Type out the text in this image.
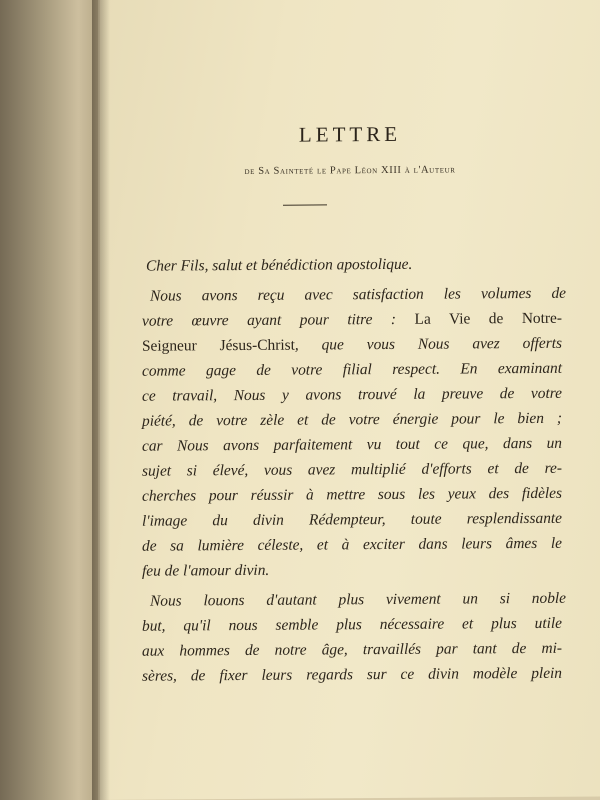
LETTRE
de Sa Sainteté le Pape Léon XIII à l'Auteur
Cher Fils, salut et bénédiction apostolique.
Nous avons reçu avec satisfaction les volumes de
votre œuvre ayant pour titre : La Vie de Notre-
Seigneur Jésus-Christ, que vous Nous avez offerts
comme gage de votre filial respect. En examinant
ce travail, Nous y avons trouvé la preuve de votre
piété, de votre zèle et de votre énergie pour le bien ;
car Nous avons parfaitement vu tout ce que, dans un
sujet si élevé, vous avez multiplié d'efforts et de re-
cherches pour réussir à mettre sous les yeux des fidèles
l'image du divin Rédempteur, toute resplendissante
de sa lumière céleste, et à exciter dans leurs âmes le
feu de l'amour divin.
Nous louons d'autant plus vivement un si noble
but, qu'il nous semble plus nécessaire et plus utile
aux hommes de notre âge, travaillés par tant de mi-
sères, de fixer leurs regards sur ce divin modèle plein
